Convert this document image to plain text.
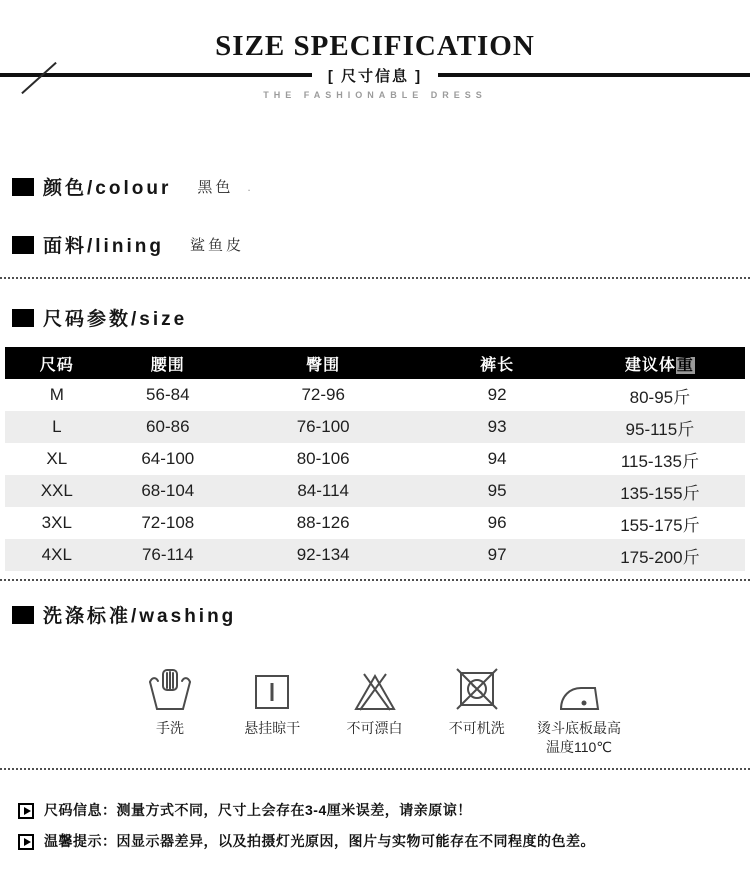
SIZE SPECIFICATION
[ 尺寸信息 ]
THE FASHIONABLE DRESS
颜色/colour 黑色 .
面料/lining 鲨鱼皮
尺码参数/size
尺码	腰围	臀围	裤长	建议体重
M	56-84	72-96	92	80-95斤
L	60-86	76-100	93	95-115斤
XL	64-100	80-106	94	115-135斤
XXL	68-104	84-114	95	135-155斤
3XL	72-108	88-126	96	155-175斤
4XL	76-114	92-134	97	175-200斤
洗涤标准/washing
手洗	悬挂晾干	不可漂白	不可机洗	烫斗底板最高
温度110℃
尺码信息：测量方式不同，尺寸上会存在3-4厘米误差，请亲原谅！
温馨提示：因显示器差异，以及拍摄灯光原因，图片与实物可能存在不同程度的色差。
